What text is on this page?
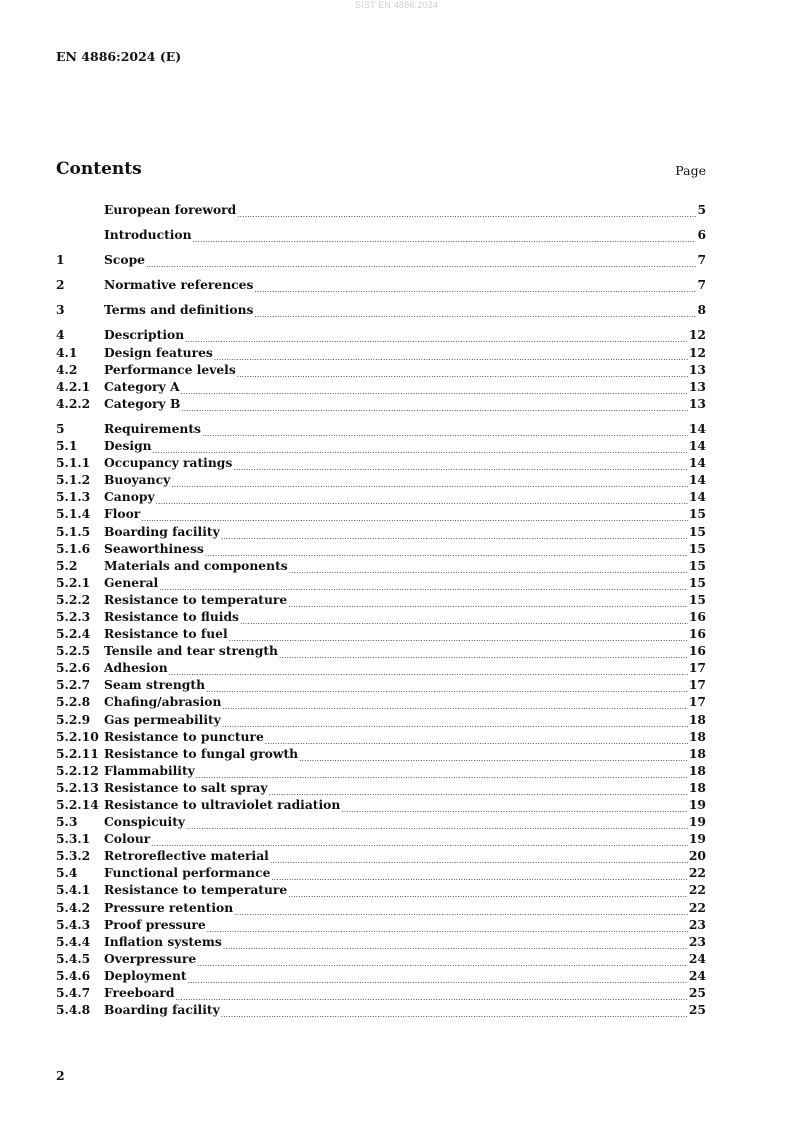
SIST EN 4886:2024
EN 4886:2024 (E)
Contents	Page
European foreword .....	5
Introduction .....	6
1	Scope .....	7
2	Normative references .....	7
3	Terms and definitions .....	8
4	Description .....	12
4.1	Design features .....	12
4.2	Performance levels .....	13
4.2.1	Category A .....	13
4.2.2	Category B .....	13
5	Requirements .....	14
5.1	Design .....	14
5.1.1	Occupancy ratings .....	14
5.1.2	Buoyancy .....	14
5.1.3	Canopy .....	14
5.1.4	Floor .....	15
5.1.5	Boarding facility .....	15
5.1.6	Seaworthiness .....	15
5.2	Materials and components .....	15
5.2.1	General .....	15
5.2.2	Resistance to temperature .....	15
5.2.3	Resistance to fluids .....	16
5.2.4	Resistance to fuel .....	16
5.2.5	Tensile and tear strength .....	16
5.2.6	Adhesion .....	17
5.2.7	Seam strength .....	17
5.2.8	Chafing/abrasion .....	17
5.2.9	Gas permeability .....	18
5.2.10 Resistance to puncture .....	18
5.2.11 Resistance to fungal growth .....	18
5.2.12 Flammability .....	18
5.2.13 Resistance to salt spray .....	18
5.2.14 Resistance to ultraviolet radiation .....	19
5.3	Conspicuity .....	19
5.3.1	Colour .....	19
5.3.2	Retroreflective material .....	20
5.4	Functional performance .....	22
5.4.1	Resistance to temperature .....	22
5.4.2	Pressure retention .....	22
5.4.3	Proof pressure .....	23
5.4.4	Inflation systems .....	23
5.4.5	Overpressure .....	24
5.4.6	Deployment .....	24
5.4.7	Freeboard .....	25
5.4.8	Boarding facility .....	25
2
